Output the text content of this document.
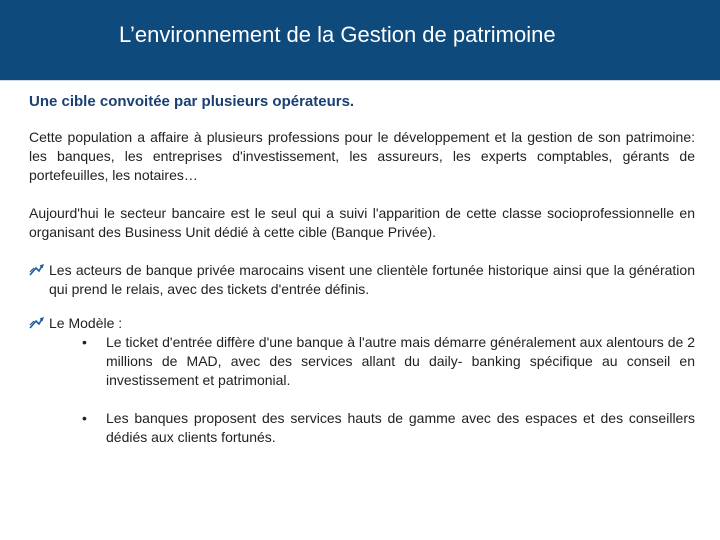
L’environnement de la Gestion de patrimoine
Une cible convoitée par plusieurs opérateurs.

Cette population a affaire à plusieurs professions pour le développement et la gestion de son patrimoine: les banques, les entreprises d'investissement, les assureurs, les experts comptables, gérants de portefeuilles, les notaires…

Aujourd'hui le secteur bancaire est le seul qui a suivi l'apparition de cette classe socioprofessionnelle en organisant des Business Unit dédié à cette cible (Banque Privée).

Les acteurs de banque privée marocains visent une clientèle fortunée historique ainsi que la génération qui prend le relais, avec des tickets d'entrée définis.
Le Modèle :
• Le ticket d'entrée diffère d'une banque à l'autre mais démarre généralement aux alentours de 2 millions de MAD, avec des services allant du daily- banking spécifique au conseil en investissement et patrimonial.
• Les banques proposent des services hauts de gamme avec des espaces et des conseillers dédiés aux clients fortunés.
